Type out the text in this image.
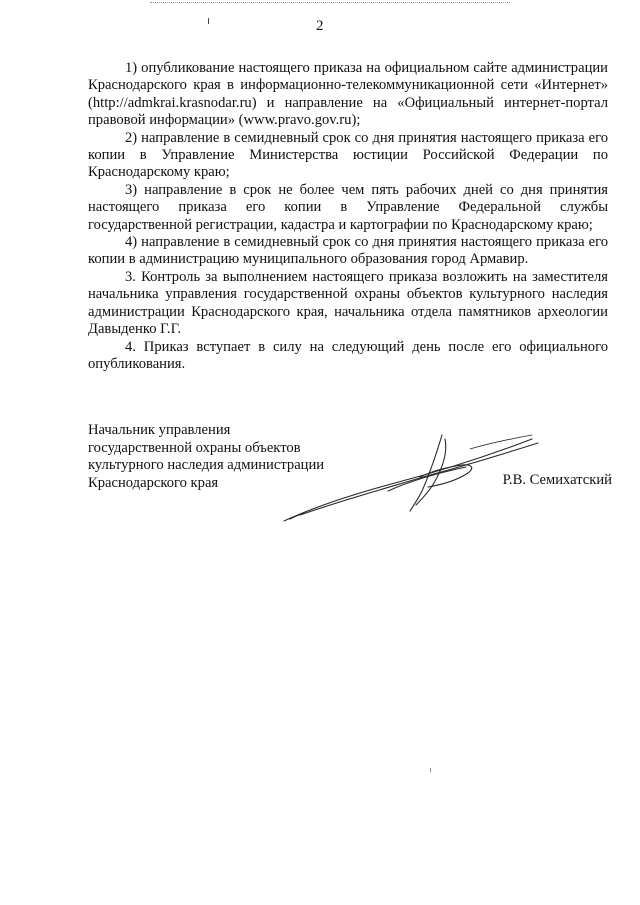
2

1) опубликование настоящего приказа на официальном сайте администрации Краснодарского края в информационно-телекоммуникационной сети «Интернет» (http://admkrai.krasnodar.ru) и направление на «Официальный интернет-портал правовой информации» (www.pravo.gov.ru);

2) направление в семидневный срок со дня принятия настоящего приказа его копии в Управление Министерства юстиции Российской Федерации по Краснодарскому краю;

3) направление в срок не более чем пять рабочих дней со дня принятия настоящего приказа его копии в Управление Федеральной службы государственной регистрации, кадастра и картографии по Краснодарскому краю;

4) направление в семидневный срок со дня принятия настоящего приказа его копии в администрацию муниципального образования город Армавир.

3. Контроль за выполнением настоящего приказа возложить на заместителя начальника управления государственной охраны объектов культурного наследия администрации Краснодарского края, начальника отдела памятников археологии Давыденко Г.Г.

4. Приказ вступает в силу на следующий день после его официального опубликования.

Начальник управления
государственной охраны объектов
культурного наследия администрации
Краснодарского края	Р.В. Семихатский
